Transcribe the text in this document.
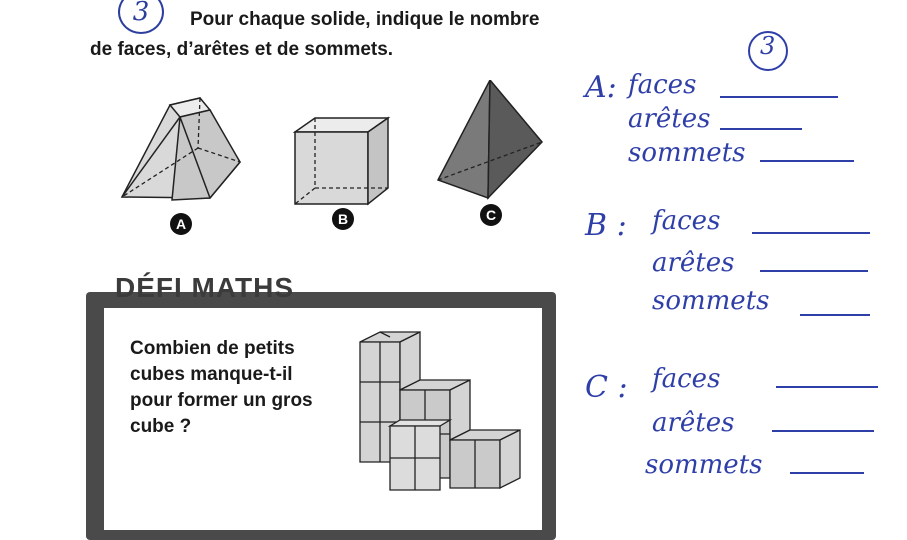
3	Pour chaque solide, indique le nombre
de faces, d’arêtes et de sommets.
A	B	C
DÉFI MATHS
Combien de petits
cubes manque-t-il
pour former un gros
cube ?
3
A: faces
arêtes
sommets
B : faces
arêtes
sommets
C : faces
arêtes
sommets
